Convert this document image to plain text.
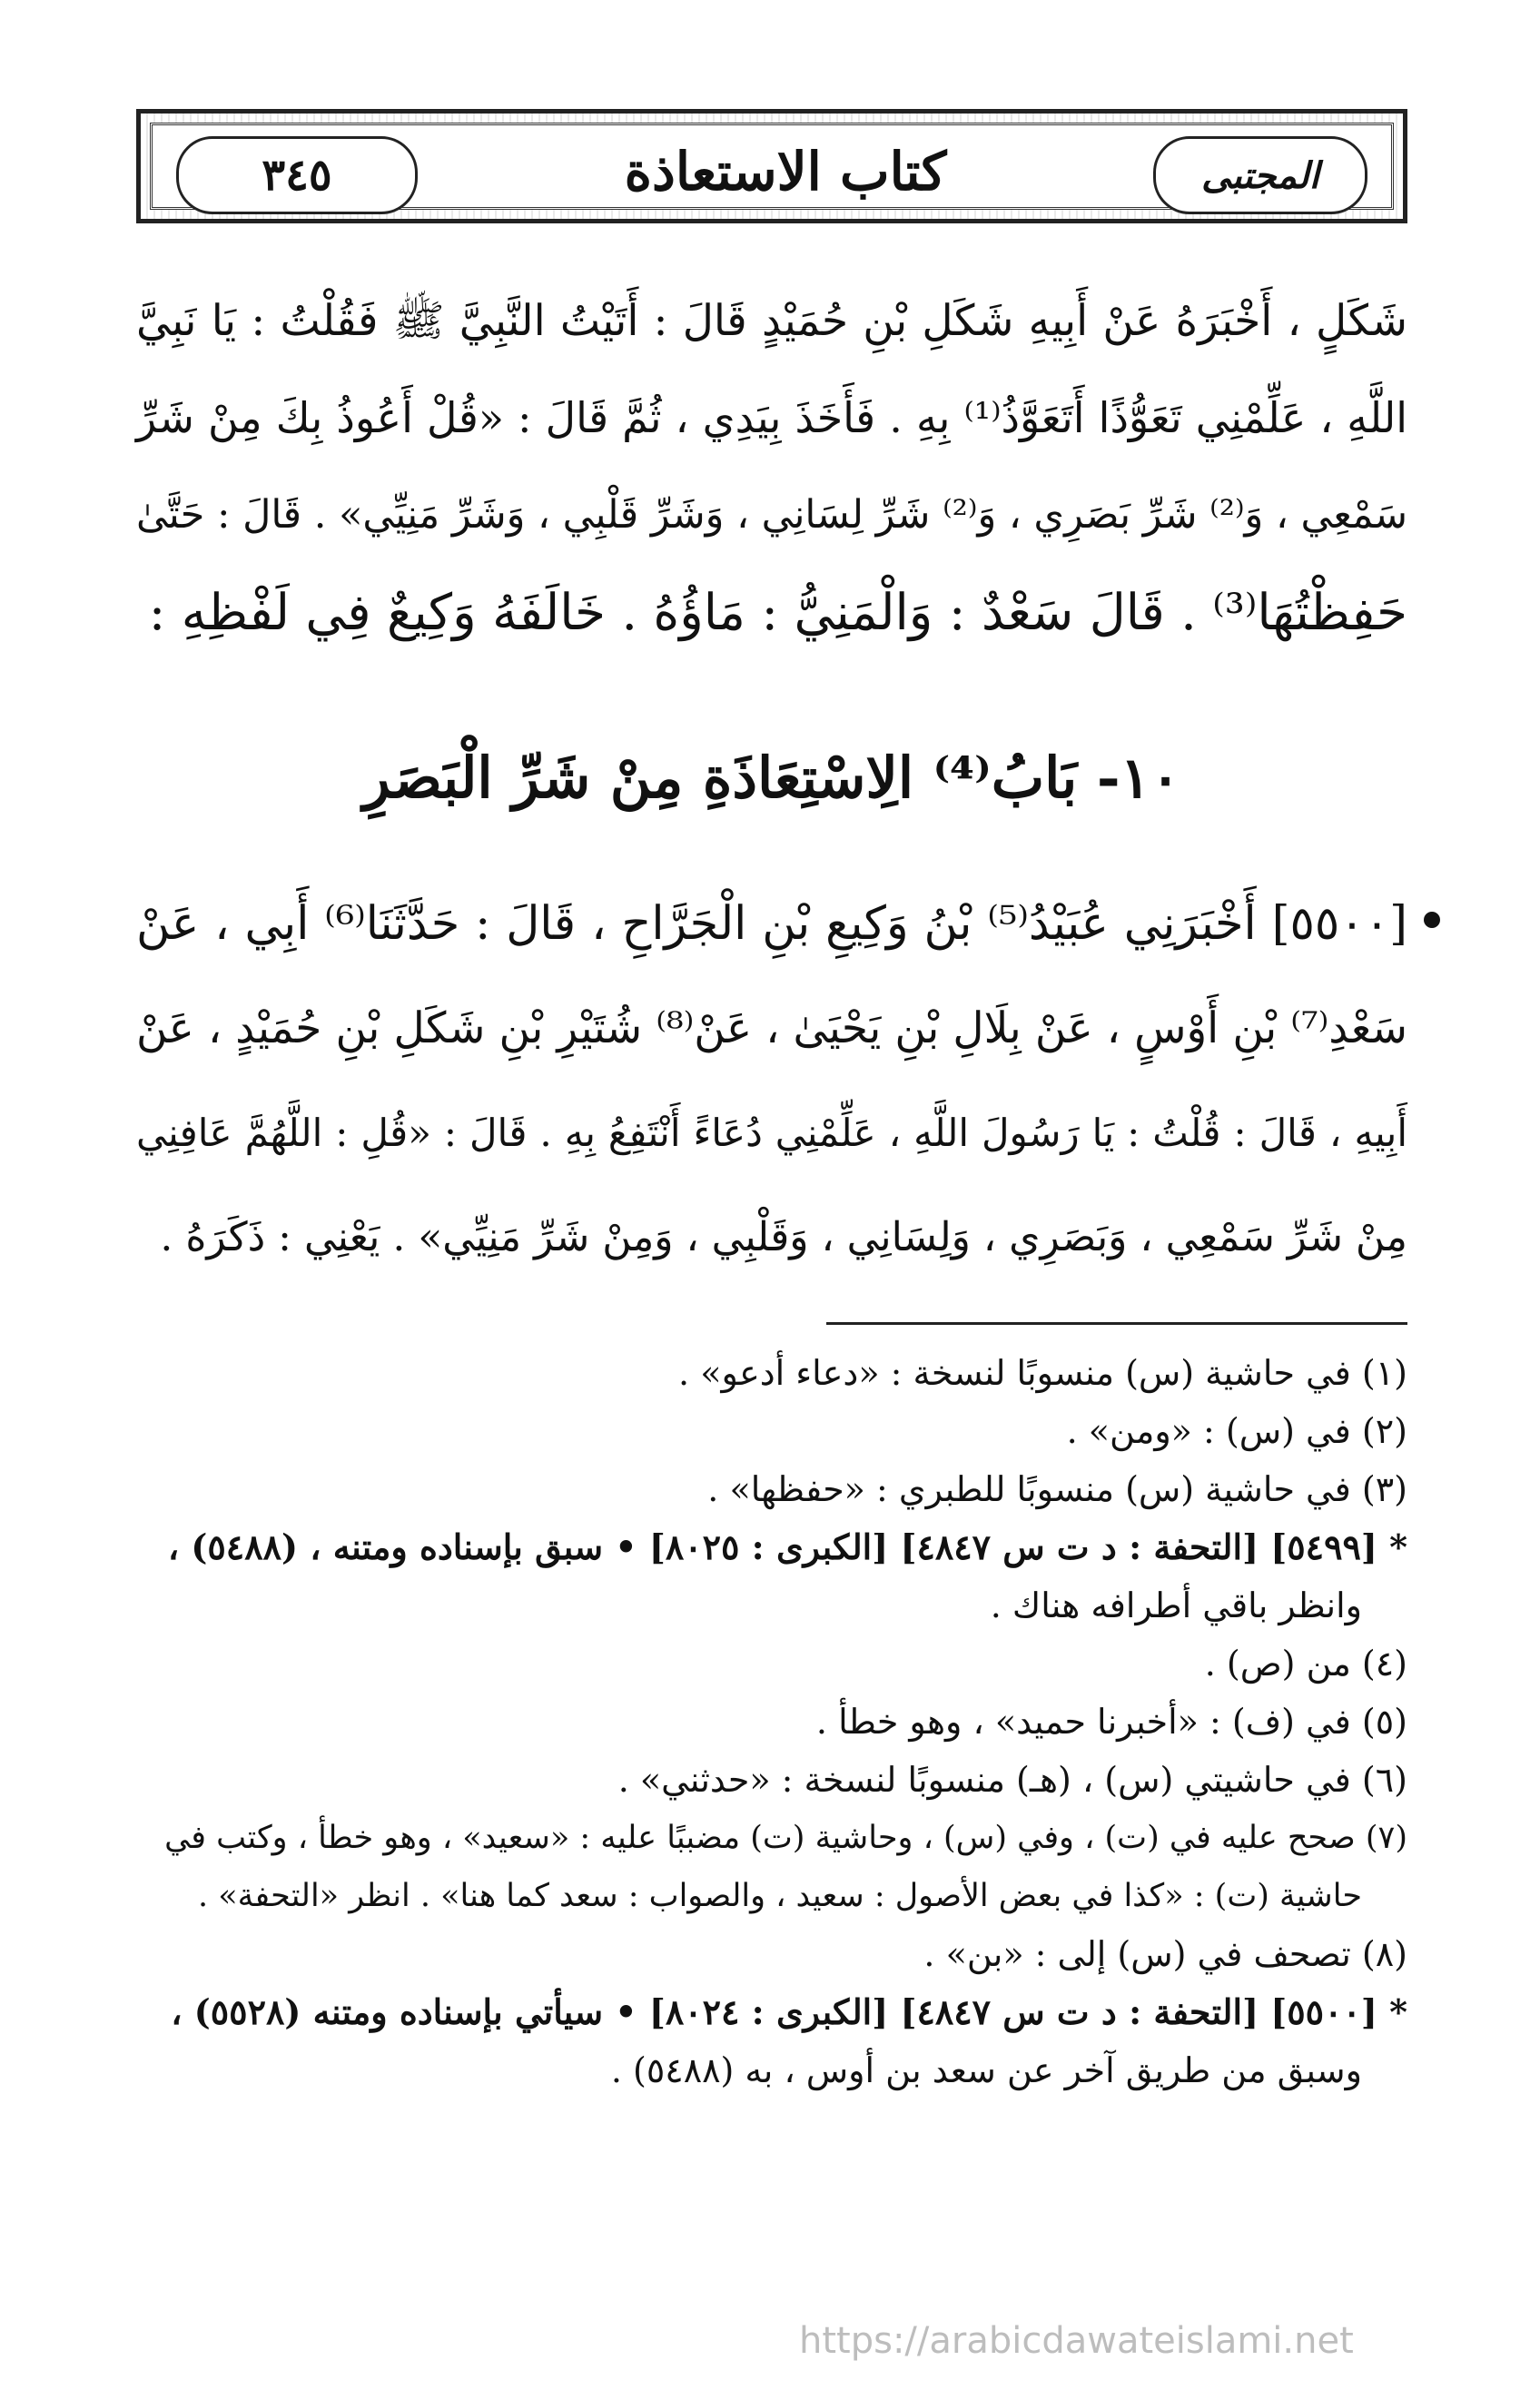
المجتبى
كتاب الاستعاذة
٣٤٥
شَكَلٍ ، أَخْبَرَهُ عَنْ أَبِيهِ شَكَلِ بْنِ حُمَيْدٍ قَالَ : أَتَيْتُ النَّبِيَّ ﷺ فَقُلْتُ : يَا نَبِيَّ
اللَّهِ ، عَلِّمْنِي تَعَوُّذًا أَتَعَوَّذُ⁽¹⁾ بِهِ . فَأَخَذَ بِيَدِي ، ثُمَّ قَالَ : «قُلْ أَعُوذُ بِكَ مِنْ شَرِّ
سَمْعِي ، وَ⁽²⁾ شَرِّ بَصَرِي ، وَ⁽²⁾ شَرِّ لِسَانِي ، وَشَرِّ قَلْبِي ، وَشَرِّ مَنِيِّي» . قَالَ : حَتَّىٰ
حَفِظْتُهَا⁽³⁾ . قَالَ سَعْدٌ : وَالْمَنِيُّ : مَاؤُهُ . خَالَفَهُ وَكِيعٌ فِي لَفْظِهِ :
١٠- بَابُ⁽⁴⁾ الِاسْتِعَاذَةِ مِنْ شَرِّ الْبَصَرِ
[٥٥٠٠] أَخْبَرَنِي عُبَيْدُ⁽⁵⁾ بْنُ وَكِيعِ بْنِ الْجَرَّاحِ ، قَالَ : حَدَّثَنَا⁽⁶⁾ أَبِي ، عَنْ
سَعْدِ⁽⁷⁾ بْنِ أَوْسٍ ، عَنْ بِلَالِ بْنِ يَحْيَىٰ ، عَنْ⁽⁸⁾ شُتَيْرِ بْنِ شَكَلِ بْنِ حُمَيْدٍ ، عَنْ
أَبِيهِ ، قَالَ : قُلْتُ : يَا رَسُولَ اللَّهِ ، عَلِّمْنِي دُعَاءً أَنْتَفِعُ بِهِ . قَالَ : «قُلِ : اللَّهُمَّ عَافِنِي
مِنْ شَرِّ سَمْعِي ، وَبَصَرِي ، وَلِسَانِي ، وَقَلْبِي ، وَمِنْ شَرِّ مَنِيِّي» . يَعْنِي : ذَكَرَهُ .
(١) في حاشية (س) منسوبًا لنسخة : «دعاء أدعو» .
(٢) في (س) : «ومن» .
(٣) في حاشية (س) منسوبًا للطبري : «حفظها» .
* [٥٤٩٩] [التحفة : د ت س ٤٨٤٧] [الكبرى : ٨٠٢٥] • سبق بإسناده ومتنه ، (٥٤٨٨) ،
وانظر باقي أطرافه هناك .
(٤) من (ص) .
(٥) في (ف) : «أخبرنا حميد» ، وهو خطأ .
(٦) في حاشيتي (س) ، (هـ) منسوبًا لنسخة : «حدثني» .
(٧) صحح عليه في (ت) ، وفي (س) ، وحاشية (ت) مضببًا عليه : «سعيد» ، وهو خطأ ، وكتب في
حاشية (ت) : «كذا في بعض الأصول : سعيد ، والصواب : سعد كما هنا» . انظر «التحفة» .
(٨) تصحف في (س) إلى : «بن» .
* [٥٥٠٠] [التحفة : د ت س ٤٨٤٧] [الكبرى : ٨٠٢٤] • سيأتي بإسناده ومتنه (٥٥٢٨) ،
وسبق من طريق آخر عن سعد بن أوس ، به (٥٤٨٨) .
https://arabicdawateislami.net
